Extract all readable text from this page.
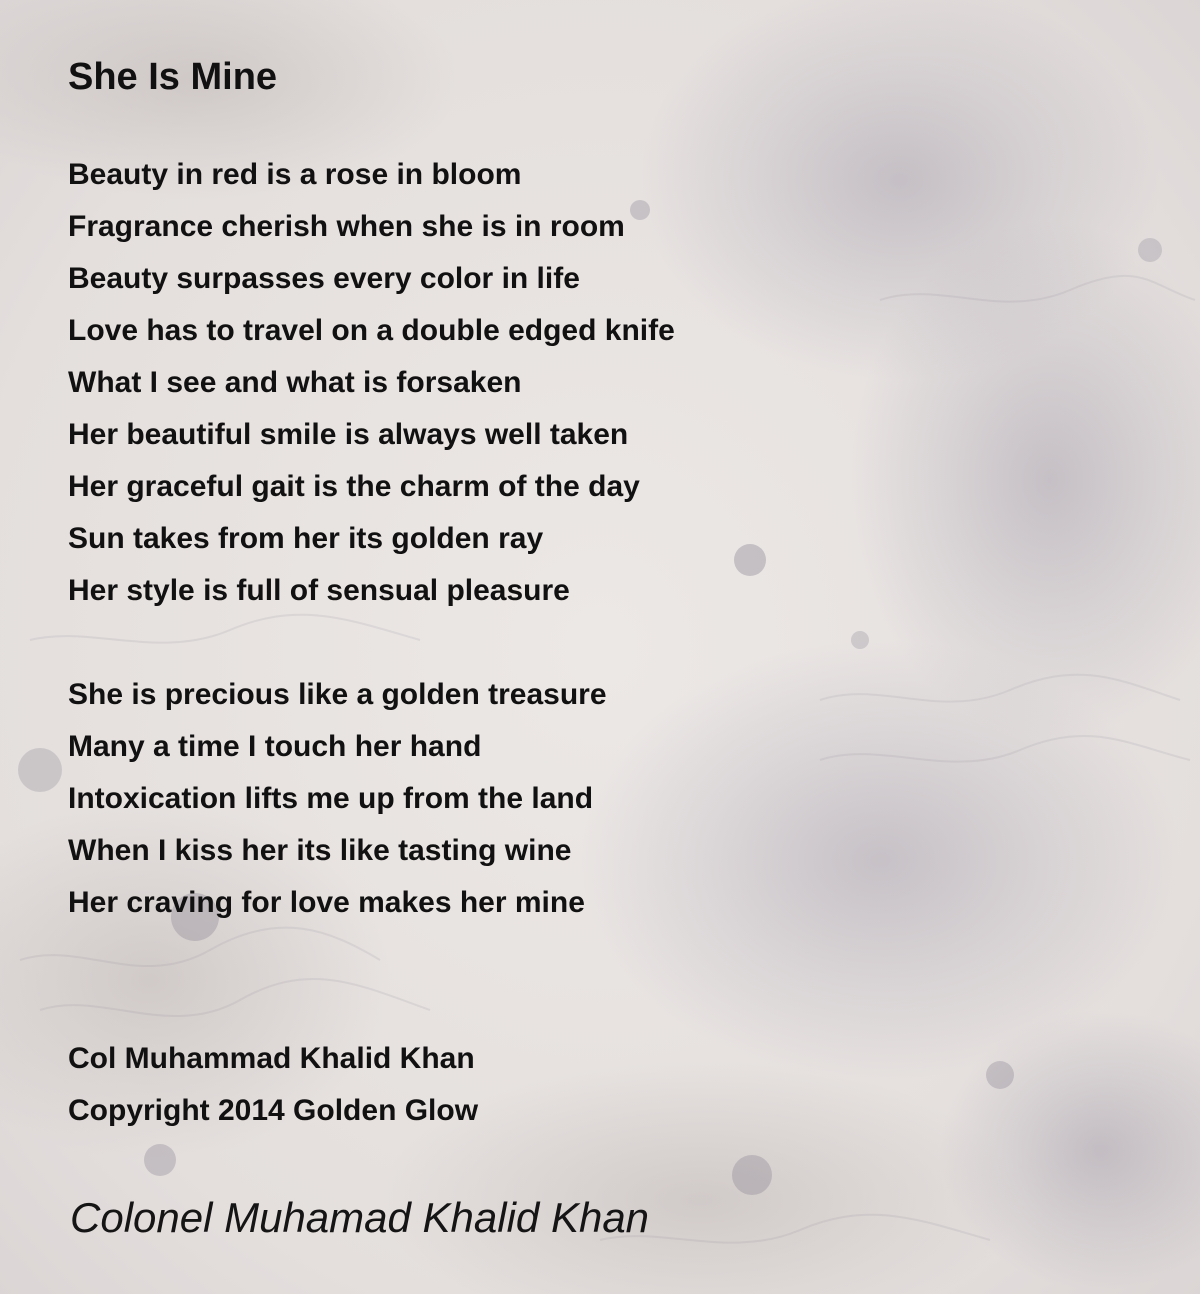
She Is Mine
Beauty in red is a rose in bloom
Fragrance cherish when she is in room
Beauty surpasses every color in life
Love has to travel on a double edged knife
What I see and what is forsaken
Her beautiful smile is always well taken
Her graceful gait is the charm of the day
Sun takes from her its golden ray
Her style is full of sensual pleasure
She is precious like a golden treasure
Many a time I touch her hand
Intoxication lifts me up from the land
When I kiss her its like tasting wine
Her craving for love makes her mine
Col Muhammad Khalid Khan
Copyright 2014 Golden Glow
Colonel Muhamad Khalid Khan
